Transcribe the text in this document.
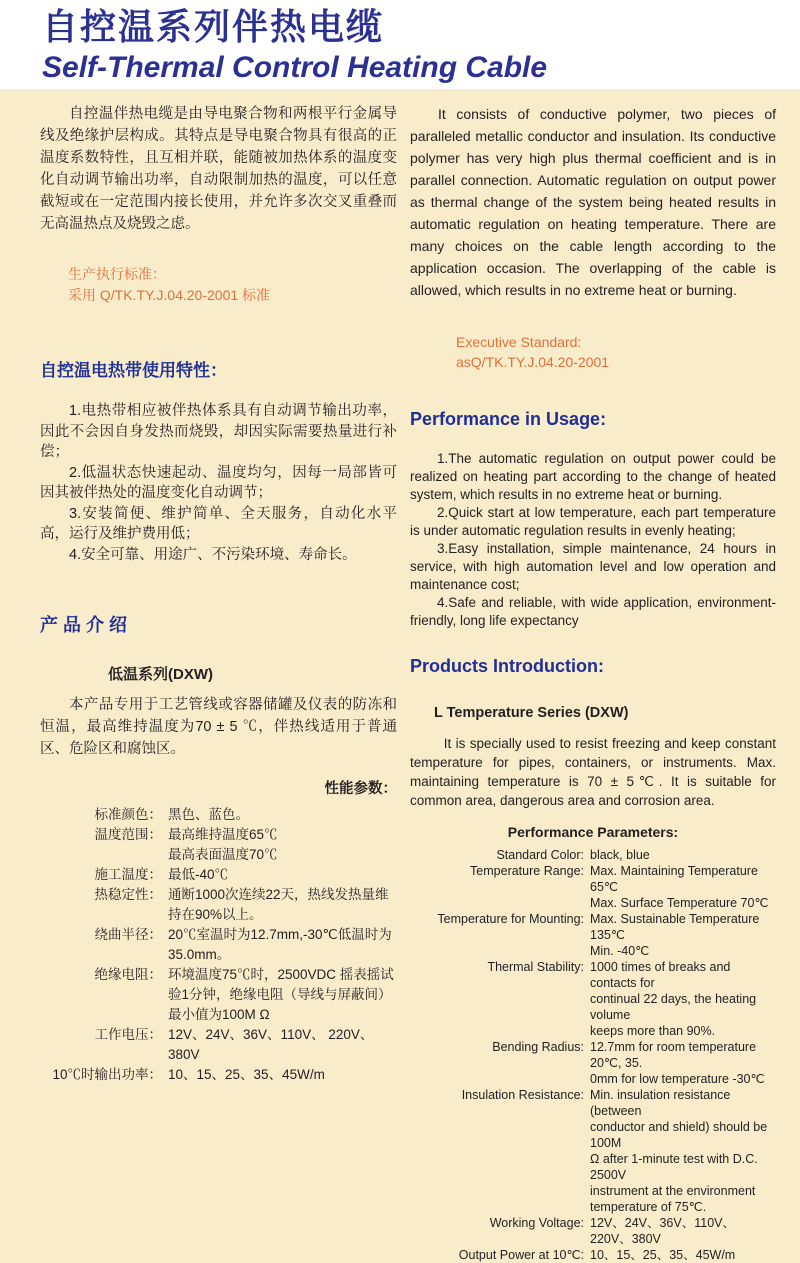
自控温系列伴热电缆
Self-Thermal Control Heating Cable

自控温伴热电缆是由导电聚合物和两根平行金属导线及绝缘护层构成。其特点是导电聚合物具有很高的正温度系数特性，且互相并联，能随被加热体系的温度变化自动调节输出功率，自动限制加热的温度，可以任意截短或在一定范围内接长使用，并允许多次交叉重叠而无高温热点及烧毁之虑。

生产执行标准：
采用 Q/TK.TY.J.04.20-2001 标准
自控温电热带使用特性：

1.电热带相应被伴热体系具有自动调节输出功率，因此不会因自身发热而烧毁，却因实际需要热量进行补偿；

2.低温状态快速起动、温度均匀，因每一局部皆可因其被伴热处的温度变化自动调节；

3.安装简便、维护简单、全天服务，自动化水平高，运行及维护费用低；

4.安全可靠、用途广、不污染环境、寿命长。

产 品 介 绍
低温系列(DXW)

本产品专用于工艺管线或容器储罐及仪表的防冻和恒温，最高维持温度为70 ± 5 ℃，伴热线适用于普通区、危险区和腐蚀区。

性能参数：
标准颜色： 黑色、蓝色。
温度范围： 最高维持温度65℃
最高表面温度70℃
施工温度： 最低-40℃
热稳定性： 通断1000次连续22天，热线发热量维
持在90%以上。
绕曲半径： 20℃室温时为12.7mm,-30℃低温时为
35.0mm。
绝缘电阻： 环境温度75℃时，2500VDC 摇表摇试
验1分钟，绝缘电阻（导线与屏蔽间）
最小值为100M Ω
工作电压： 12V、24V、36V、110V、 220V、380V
10℃时输出功率： 10、15、25、35、45W/m

It consists of conductive polymer, two pieces of paralleled metallic conductor and insulation. Its conductive polymer has very high plus thermal coefficient and is in parallel connection. Automatic regulation on output power as thermal change of the system being heated results in automatic regulation on heating temperature. There are many choices on the cable length according to the application occasion. The overlapping of the cable is allowed, which results in no extreme heat or burning.

Executive Standard:
asQ/TK.TY.J.04.20-2001
Performance in Usage:

1.The automatic regulation on output power could be realized on heating part according to the change of heated system, which results in no extreme heat or burning.

2.Quick start at low temperature, each part temperature is under automatic regulation results in evenly heating;

3.Easy installation, simple maintenance, 24 hours in service, with high automation level and low operation and maintenance cost;

4.Safe and reliable, with wide application, environment-friendly, long life expectancy

Products Introduction:
L Temperature Series (DXW)

It is specially used to resist freezing and keep constant temperature for pipes, containers, or instruments. Max. maintaining temperature is 70 ± 5℃. It is suitable for common area, dangerous area and corrosion area.

Performance Parameters:
Standard Color: black, blue
Temperature Range: Max. Maintaining Temperature 65℃
Max. Surface Temperature 70℃
Temperature for Mounting: Max. Sustainable Temperature 135℃
Min. -40℃
Thermal Stability: 1000 times of breaks and contacts for
continual 22 days, the heating volume
keeps more than 90%.
Bending Radius: 12.7mm for room temperature 20℃, 35.
0mm for low temperature -30℃
Insulation Resistance: Min. insulation resistance (between
conductor and shield) should be 100M
Ω after 1-minute test with D.C. 2500V
instrument at the environment
temperature of 75℃.
Working Voltage: 12V、24V、36V、110V、 220V、380V
Output Power at 10℃: 10、15、25、35、45W/m
